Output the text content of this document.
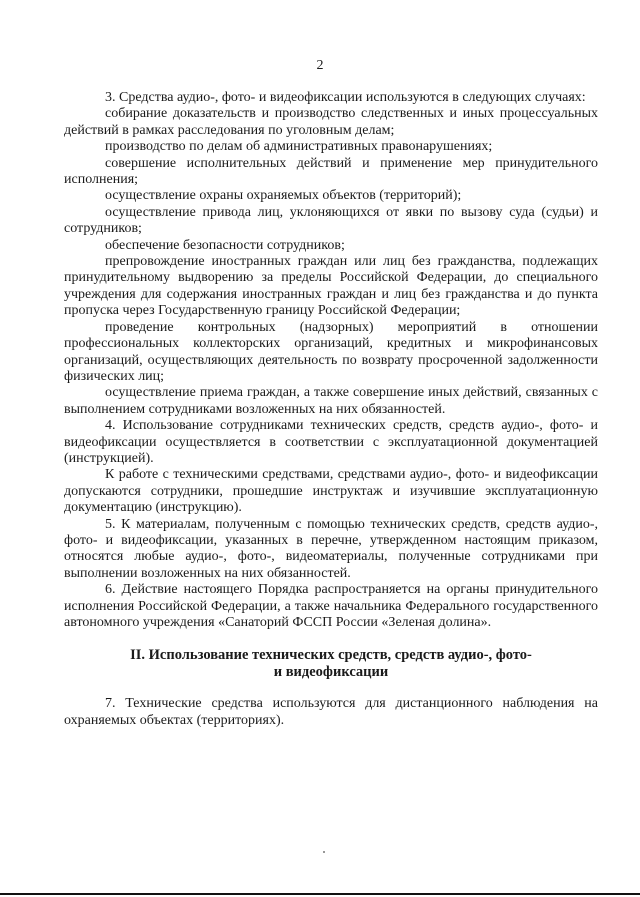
2

3. Средства аудио-, фото- и видеофиксации используются в следующих случаях:

собирание доказательств и производство следственных и иных процессуальных действий в рамках расследования по уголовным делам;

производство по делам об административных правонарушениях;

совершение исполнительных действий и применение мер принудительного исполнения;

осуществление охраны охраняемых объектов (территорий);

осуществление привода лиц, уклоняющихся от явки по вызову суда (судьи) и сотрудников;

обеспечение безопасности сотрудников;

препровождение иностранных граждан или лиц без гражданства, подлежащих принудительному выдворению за пределы Российской Федерации, до специального учреждения для содержания иностранных граждан и лиц без гражданства и до пункта пропуска через Государственную границу Российской Федерации;

проведение контрольных (надзорных) мероприятий в отношении профессиональных коллекторских организаций, кредитных и микрофинансовых организаций, осуществляющих деятельность по возврату просроченной задолженности физических лиц;

осуществление приема граждан, а также совершение иных действий, связанных с выполнением сотрудниками возложенных на них обязанностей.

4. Использование сотрудниками технических средств, средств аудио-, фото- и видеофиксации осуществляется в соответствии с эксплуатационной документацией (инструкцией).

К работе с техническими средствами, средствами аудио-, фото- и видеофиксации допускаются сотрудники, прошедшие инструктаж и изучившие эксплуатационную документацию (инструкцию).

5. К материалам, полученным с помощью технических средств, средств аудио-, фото- и видеофиксации, указанных в перечне, утвержденном настоящим приказом, относятся любые аудио-, фото-, видеоматериалы, полученные сотрудниками при выполнении возложенных на них обязанностей.

6. Действие настоящего Порядка распространяется на органы принудительного исполнения Российской Федерации, а также начальника Федерального государственного автономного учреждения «Санаторий ФССП России «Зеленая долина».

II. Использование технических средств, средств аудио-, фото-
и видеофиксации

7. Технические средства используются для дистанционного наблюдения на охраняемых объектах (территориях).
